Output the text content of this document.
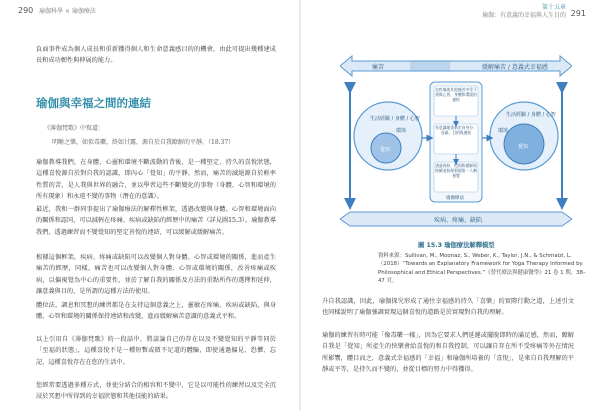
290 瑜伽科學 × 瑜伽療法
負面事件成為個人成長和重新獲得個人和生命意義感目的的機會，由此可提出幾種建成長和成功韌性與伸展的能力。
瑜伽與幸福之間的連結
《薄伽梵歌》中寫道：
明晰之樂，如似毒藥，終如甘露，源自於自我瞭解的平靜。（18.37）
瑜伽教導我們，在身體、心靈和環境不斷波動的背後，是一種堅定、持久的喜悅狀態，這種喜悅源自於對自我的認識，即內心「覺知」的平靜。然而，痛苦的滅絕源自於輕率性質的苦，是人我與世界的融合，並以學習這些不斷變化的事物（身體、心智和環境的所有現象）和永遠不變的事物（潛在的意識）。
最近，我和一群同事提出了瑜伽療法的解釋性框架，透過改變與身體、心智和環境面向的關係和認同，可以減輕在疼痛、疾病或缺陷的經歷中的痛苦（詳見圖15.3）。瑜伽教導我們，透過練習而不變覺知的堅定善悅的連結，可以緩解或緩解痛苦。
根據這個框架，疾病、疼痛或缺陷可以改變個人對身體、心智或環境的關係，進而產生痛苦的經歷，同樣，痛苦也可以改變個人對身體、心智或環境的關係，改善疼痛或疾病，以偏視覺為中心的重要性，並於了解自我的關係及方法的重點所作的選擇和延伸，讓意義與目的，是所謂的這種方法的使用。
體位法、調息和冥想的練習都是在支持這個意義之上，靈敏在疼痛、疾病或缺陷，與身體、心智和環境的關係保持連結和改變，進而緩解痛苦意識的意義式平和。
以上引用自《薄伽梵歌》的一段話中，將談論自己的存在以及不變覺知的平靜等同於「至福的狀態」，這種喜悅不是一種短暫或微不足道的體驗，即使通過偏見、恐懼、忘記，這種喜悅存在在您的生活中。
您經常要透過多種方式，並使分結合的相容和不變中，它是以可能性的練習以及完全沉浸於冥想中所得到的幸福狀態和其他技能的結果。
第十五章
瑜伽：有意義的幸福與人生目的 291
痛苦	緩解痛苦 / 意義式幸福感
生活經驗 / 身體 / 心智
環境
覺知
生活經驗 / 身體 / 心智
環境
覺知
在疼痛或其他痛苦中受不到與心智、身體和環境的連結
有意識地重新定向身分、意義、目的與連結
透過保持、穩固和緩解與持續並持保那個第一人稱視覺
瑜伽療法
疾病、疼痛、缺陷
圖 15.3 瑜伽療法解釋模型
資料來源：Sullivan, M., Moonaz, S., Weber, K., Taylor, J.N., & Schmalzl, L.（2018）“Towards an Explanatory Framework for Yoga Therapy Informed by Philosophical and Ethical Perspectives.”《替代療法與健康醫學》21 卷 1 期，38–47 頁。
升自我認識，因此，瑜伽探究形成了通往幸福感的持久「喜樂」的實際行動之道，上述引文也同樣說明了瑜伽強調實現這個喜悅的道路是於實現對自我的理解。
瑜伽的練習有時可能「像毒藥一樣」，因為它要求人們延遲或擺脫即時的滿足感，然而，瞭解自我是「覺知」所產生的快樂會給喜悅的和自我控制，可以讓自存在所不受疼痛等外在情況所影響，體目而之，意義式幸福感的「幸福」和瑜伽所培養的「喜悅」，是來自自我理解的平靜或平等，是持久而不變的，並從目標的努力中得獲得。
